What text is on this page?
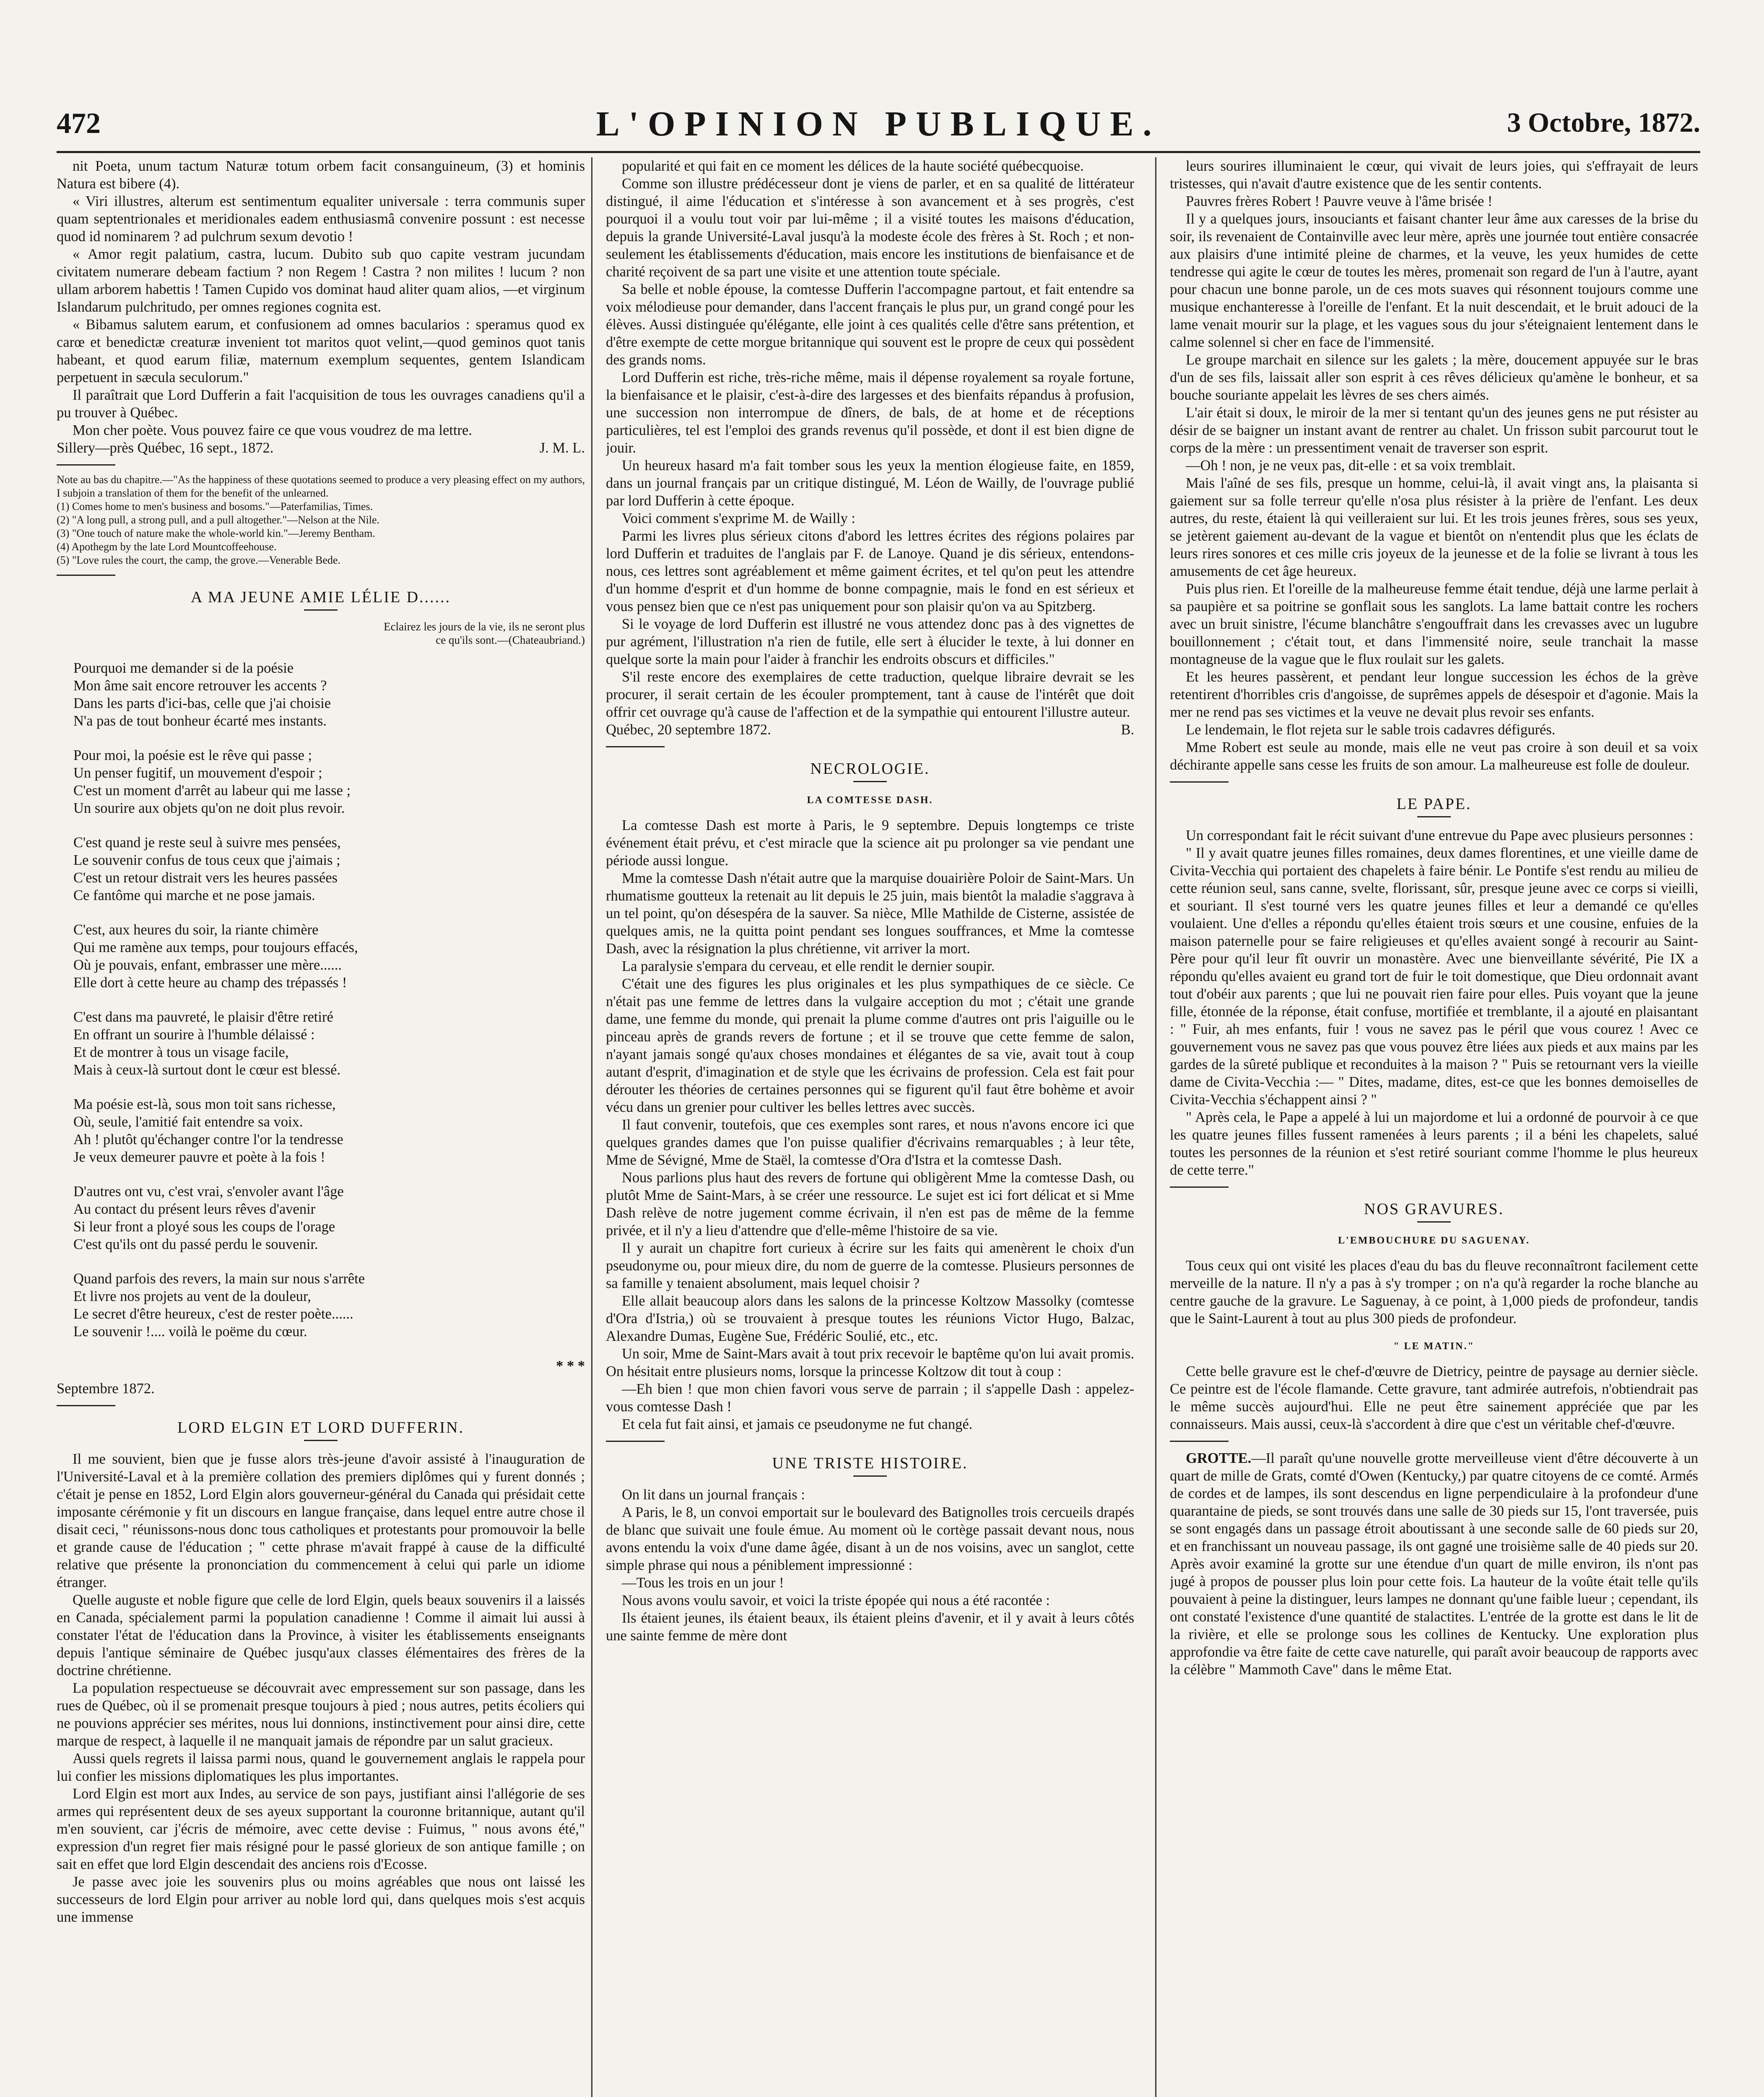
472	L'OPINION PUBLIQUE.	3 Octobre, 1872.

nit Poeta, unum tactum Naturæ totum orbem facit consanguineum, (3) et hominis Natura est bibere (4).

« Viri illustres, alterum est sentimentum equaliter universale : terra communis super quam septentrionales et meridionales eadem enthusiasmâ convenire possunt : est necesse quod id nominarem ? ad pulchrum sexum devotio !

« Amor regit palatium, castra, lucum. Dubito sub quo capite vestram jucundam civitatem numerare debeam factium ? non Regem ! Castra ? non milites ! lucum ? non ullam arborem habettis ! Tamen Cupido vos dominat haud aliter quam alios, —et virginum Islandarum pulchritudo, per omnes regiones cognita est.

« Bibamus salutem earum, et confusionem ad omnes bacularios : speramus quod ex carœ et benedictæ creaturæ invenient tot maritos quot velint,—quod geminos quot tanis habeant, et quod earum filiæ, maternum exemplum sequentes, gentem Islandicam perpetuent in sæcula seculorum."

Il paraîtrait que Lord Dufferin a fait l'acquisition de tous les ouvrages canadiens qu'il a pu trouver à Québec.

Mon cher poète. Vous pouvez faire ce que vous voudrez de ma lettre.

Sillery—près Québec, 16 sept., 1872.	J. M. L.

Note au bas du chapitre.—"As the happiness of these quotations seemed to produce a very pleasing effect on my authors, I subjoin a translation of them for the benefit of the unlearned.

(1) Comes home to men's business and bosoms."—Paterfamilias, Times.

(2) "A long pull, a strong pull, and a pull altogether."—Nelson at the Nile.

(3) "One touch of nature make the whole-world kin."—Jeremy Bentham.

(4) Apothegm by the late Lord Mountcoffeehouse.

(5) "Love rules the court, the camp, the grove.—Venerable Bede.

A MA JEUNE AMIE LÉLIE D......

Eclairez les jours de la vie, ils ne seront plus
ce qu'ils sont.—(Chateaubriand.)
Pourquoi me demander si de la poésie
Mon âme sait encore retrouver les accents ?
Dans les parts d'ici-bas, celle que j'ai choisie
N'a pas de tout bonheur écarté mes instants.
Pour moi, la poésie est le rêve qui passe ;
Un penser fugitif, un mouvement d'espoir ;
C'est un moment d'arrêt au labeur qui me lasse ;
Un sourire aux objets qu'on ne doit plus revoir.
C'est quand je reste seul à suivre mes pensées,
Le souvenir confus de tous ceux que j'aimais ;
C'est un retour distrait vers les heures passées
Ce fantôme qui marche et ne pose jamais.
C'est, aux heures du soir, la riante chimère
Qui me ramène aux temps, pour toujours effacés,
Où je pouvais, enfant, embrasser une mère......
Elle dort à cette heure au champ des trépassés !
C'est dans ma pauvreté, le plaisir d'être retiré
En offrant un sourire à l'humble délaissé :
Et de montrer à tous un visage facile,
Mais à ceux-là surtout dont le cœur est blessé.
Ma poésie est-là, sous mon toit sans richesse,
Où, seule, l'amitié fait entendre sa voix.
Ah ! plutôt qu'échanger contre l'or la tendresse
Je veux demeurer pauvre et poète à la fois !
D'autres ont vu, c'est vrai, s'envoler avant l'âge
Au contact du présent leurs rêves d'avenir
Si leur front a ployé sous les coups de l'orage
C'est qu'ils ont du passé perdu le souvenir.
Quand parfois des revers, la main sur nous s'arrête
Et livre nos projets au vent de la douleur,
Le secret d'être heureux, c'est de rester poète......
Le souvenir !.... voilà le poëme du cœur.
* * *

Septembre 1872.

LORD ELGIN ET LORD DUFFERIN.

Il me souvient, bien que je fusse alors très-jeune d'avoir assisté à l'inauguration de l'Université-Laval et à la première collation des premiers diplômes qui y furent donnés ; c'était je pense en 1852, Lord Elgin alors gouverneur-général du Canada qui présidait cette imposante cérémonie y fit un discours en langue française, dans lequel entre autre chose il disait ceci, " réunissons-nous donc tous catholiques et protestants pour promouvoir la belle et grande cause de l'éducation ; " cette phrase m'avait frappé à cause de la difficulté relative que présente la prononciation du commencement à celui qui parle un idiome étranger.

Quelle auguste et noble figure que celle de lord Elgin, quels beaux souvenirs il a laissés en Canada, spécialement parmi la population canadienne ! Comme il aimait lui aussi à constater l'état de l'éducation dans la Province, à visiter les établissements enseignants depuis l'antique séminaire de Québec jusqu'aux classes élémentaires des frères de la doctrine chrétienne.

La population respectueuse se découvrait avec empressement sur son passage, dans les rues de Québec, où il se promenait presque toujours à pied ; nous autres, petits écoliers qui ne pouvions apprécier ses mérites, nous lui donnions, instinctivement pour ainsi dire, cette marque de respect, à laquelle il ne manquait jamais de répondre par un salut gracieux.

Aussi quels regrets il laissa parmi nous, quand le gouvernement anglais le rappela pour lui confier les missions diplomatiques les plus importantes.

Lord Elgin est mort aux Indes, au service de son pays, justifiant ainsi l'allégorie de ses armes qui représentent deux de ses ayeux supportant la couronne britannique, autant qu'il m'en souvient, car j'écris de mémoire, avec cette devise : Fuimus, " nous avons été," expression d'un regret fier mais résigné pour le passé glorieux de son antique famille ; on sait en effet que lord Elgin descendait des anciens rois d'Ecosse.

Je passe avec joie les souvenirs plus ou moins agréables que nous ont laissé les successeurs de lord Elgin pour arriver au noble lord qui, dans quelques mois s'est acquis une immense

popularité et qui fait en ce moment les délices de la haute société québecquoise.

Comme son illustre prédécesseur dont je viens de parler, et en sa qualité de littérateur distingué, il aime l'éducation et s'intéresse à son avancement et à ses progrès, c'est pourquoi il a voulu tout voir par lui-même ; il a visité toutes les maisons d'éducation, depuis la grande Université-Laval jusqu'à la modeste école des frères à St. Roch ; et non-seulement les établissements d'éducation, mais encore les institutions de bienfaisance et de charité reçoivent de sa part une visite et une attention toute spéciale.

Sa belle et noble épouse, la comtesse Dufferin l'accompagne partout, et fait entendre sa voix mélodieuse pour demander, dans l'accent français le plus pur, un grand congé pour les élèves. Aussi distinguée qu'élégante, elle joint à ces qualités celle d'être sans prétention, et d'être exempte de cette morgue britannique qui souvent est le propre de ceux qui possèdent des grands noms.

Lord Dufferin est riche, très-riche même, mais il dépense royalement sa royale fortune, la bienfaisance et le plaisir, c'est-à-dire des largesses et des bienfaits répandus à profusion, une succession non interrompue de dîners, de bals, de at home et de réceptions particulières, tel est l'emploi des grands revenus qu'il possède, et dont il est bien digne de jouir.

Un heureux hasard m'a fait tomber sous les yeux la mention élogieuse faite, en 1859, dans un journal français par un critique distingué, M. Léon de Wailly, de l'ouvrage publié par lord Dufferin à cette époque.

Voici comment s'exprime M. de Wailly :

Parmi les livres plus sérieux citons d'abord les lettres écrites des régions polaires par lord Dufferin et traduites de l'anglais par F. de Lanoye. Quand je dis sérieux, entendons-nous, ces lettres sont agréablement et même gaiment écrites, et tel qu'on peut les attendre d'un homme d'esprit et d'un homme de bonne compagnie, mais le fond en est sérieux et vous pensez bien que ce n'est pas uniquement pour son plaisir qu'on va au Spitzberg.

Si le voyage de lord Dufferin est illustré ne vous attendez donc pas à des vignettes de pur agrément, l'illustration n'a rien de futile, elle sert à élucider le texte, à lui donner en quelque sorte la main pour l'aider à franchir les endroits obscurs et difficiles."

S'il reste encore des exemplaires de cette traduction, quelque libraire devrait se les procurer, il serait certain de les écouler promptement, tant à cause de l'intérêt que doit offrir cet ouvrage qu'à cause de l'affection et de la sympathie qui entourent l'illustre auteur.

Québec, 20 septembre 1872.	B.

NECROLOGIE.

LA COMTESSE DASH.

La comtesse Dash est morte à Paris, le 9 septembre. Depuis longtemps ce triste événement était prévu, et c'est miracle que la science ait pu prolonger sa vie pendant une période aussi longue.

Mme la comtesse Dash n'était autre que la marquise douairière Poloir de Saint-Mars. Un rhumatisme goutteux la retenait au lit depuis le 25 juin, mais bientôt la maladie s'aggrava à un tel point, qu'on désespéra de la sauver. Sa nièce, Mlle Mathilde de Cisterne, assistée de quelques amis, ne la quitta point pendant ses longues souffrances, et Mme la comtesse Dash, avec la résignation la plus chrétienne, vit arriver la mort.

La paralysie s'empara du cerveau, et elle rendit le dernier soupir.

C'était une des figures les plus originales et les plus sympathiques de ce siècle. Ce n'était pas une femme de lettres dans la vulgaire acception du mot ; c'était une grande dame, une femme du monde, qui prenait la plume comme d'autres ont pris l'aiguille ou le pinceau après de grands revers de fortune ; et il se trouve que cette femme de salon, n'ayant jamais songé qu'aux choses mondaines et élégantes de sa vie, avait tout à coup autant d'esprit, d'imagination et de style que les écrivains de profession. Cela est fait pour dérouter les théories de certaines personnes qui se figurent qu'il faut être bohème et avoir vécu dans un grenier pour cultiver les belles lettres avec succès.

Il faut convenir, toutefois, que ces exemples sont rares, et nous n'avons encore ici que quelques grandes dames que l'on puisse qualifier d'écrivains remarquables ; à leur tête, Mme de Sévigné, Mme de Staël, la comtesse d'Ora d'Istra et la comtesse Dash.

Nous parlions plus haut des revers de fortune qui obligèrent Mme la comtesse Dash, ou plutôt Mme de Saint-Mars, à se créer une ressource. Le sujet est ici fort délicat et si Mme Dash relève de notre jugement comme écrivain, il n'en est pas de même de la femme privée, et il n'y a lieu d'attendre que d'elle-même l'histoire de sa vie.

Il y aurait un chapitre fort curieux à écrire sur les faits qui amenèrent le choix d'un pseudonyme ou, pour mieux dire, du nom de guerre de la comtesse. Plusieurs personnes de sa famille y tenaient absolument, mais lequel choisir ?

Elle allait beaucoup alors dans les salons de la princesse Koltzow Massolky (comtesse d'Ora d'Istria,) où se trouvaient à presque toutes les réunions Victor Hugo, Balzac, Alexandre Dumas, Eugène Sue, Frédéric Soulié, etc., etc.

Un soir, Mme de Saint-Mars avait à tout prix recevoir le baptême qu'on lui avait promis. On hésitait entre plusieurs noms, lorsque la princesse Koltzow dit tout à coup :

—Eh bien ! que mon chien favori vous serve de parrain ; il s'appelle Dash : appelez-vous comtesse Dash !

Et cela fut fait ainsi, et jamais ce pseudonyme ne fut changé.

UNE TRISTE HISTOIRE.

On lit dans un journal français :

A Paris, le 8, un convoi emportait sur le boulevard des Batignolles trois cercueils drapés de blanc que suivait une foule émue. Au moment où le cortège passait devant nous, nous avons entendu la voix d'une dame âgée, disant à un de nos voisins, avec un sanglot, cette simple phrase qui nous a péniblement impressionné :

—Tous les trois en un jour !

Nous avons voulu savoir, et voici la triste épopée qui nous a été racontée :

Ils étaient jeunes, ils étaient beaux, ils étaient pleins d'avenir, et il y avait à leurs côtés une sainte femme de mère dont

leurs sourires illuminaient le cœur, qui vivait de leurs joies, qui s'effrayait de leurs tristesses, qui n'avait d'autre existence que de les sentir contents.

Pauvres frères Robert ! Pauvre veuve à l'âme brisée !

Il y a quelques jours, insouciants et faisant chanter leur âme aux caresses de la brise du soir, ils revenaient de Containville avec leur mère, après une journée tout entière consacrée aux plaisirs d'une intimité pleine de charmes, et la veuve, les yeux humides de cette tendresse qui agite le cœur de toutes les mères, promenait son regard de l'un à l'autre, ayant pour chacun une bonne parole, un de ces mots suaves qui résonnent toujours comme une musique enchanteresse à l'oreille de l'enfant. Et la nuit descendait, et le bruit adouci de la lame venait mourir sur la plage, et les vagues sous du jour s'éteignaient lentement dans le calme solennel si cher en face de l'immensité.

Le groupe marchait en silence sur les galets ; la mère, doucement appuyée sur le bras d'un de ses fils, laissait aller son esprit à ces rêves délicieux qu'amène le bonheur, et sa bouche souriante appelait les lèvres de ses chers aimés.

L'air était si doux, le miroir de la mer si tentant qu'un des jeunes gens ne put résister au désir de se baigner un instant avant de rentrer au chalet. Un frisson subit parcourut tout le corps de la mère : un pressentiment venait de traverser son esprit.

—Oh ! non, je ne veux pas, dit-elle : et sa voix tremblait.

Mais l'aîné de ses fils, presque un homme, celui-là, il avait vingt ans, la plaisanta si gaiement sur sa folle terreur qu'elle n'osa plus résister à la prière de l'enfant. Les deux autres, du reste, étaient là qui veilleraient sur lui. Et les trois jeunes frères, sous ses yeux, se jetèrent gaiement au-devant de la vague et bientôt on n'entendit plus que les éclats de leurs rires sonores et ces mille cris joyeux de la jeunesse et de la folie se livrant à tous les amusements de cet âge heureux.

Puis plus rien. Et l'oreille de la malheureuse femme était tendue, déjà une larme perlait à sa paupière et sa poitrine se gonflait sous les sanglots. La lame battait contre les rochers avec un bruit sinistre, l'écume blanchâtre s'engouffrait dans les crevasses avec un lugubre bouillonnement ; c'était tout, et dans l'immensité noire, seule tranchait la masse montagneuse de la vague que le flux roulait sur les galets.

Et les heures passèrent, et pendant leur longue succession les échos de la grève retentirent d'horribles cris d'angoisse, de suprêmes appels de désespoir et d'agonie. Mais la mer ne rend pas ses victimes et la veuve ne devait plus revoir ses enfants.

Le lendemain, le flot rejeta sur le sable trois cadavres défigurés.

Mme Robert est seule au monde, mais elle ne veut pas croire à son deuil et sa voix déchirante appelle sans cesse les fruits de son amour. La malheureuse est folle de douleur.

LE PAPE.

Un correspondant fait le récit suivant d'une entrevue du Pape avec plusieurs personnes :

" Il y avait quatre jeunes filles romaines, deux dames florentines, et une vieille dame de Civita-Vecchia qui portaient des chapelets à faire bénir. Le Pontife s'est rendu au milieu de cette réunion seul, sans canne, svelte, florissant, sûr, presque jeune avec ce corps si vieilli, et souriant. Il s'est tourné vers les quatre jeunes filles et leur a demandé ce qu'elles voulaient. Une d'elles a répondu qu'elles étaient trois sœurs et une cousine, enfuies de la maison paternelle pour se faire religieuses et qu'elles avaient songé à recourir au Saint-Père pour qu'il leur fît ouvrir un monastère. Avec une bienveillante sévérité, Pie IX a répondu qu'elles avaient eu grand tort de fuir le toit domestique, que Dieu ordonnait avant tout d'obéir aux parents ; que lui ne pouvait rien faire pour elles. Puis voyant que la jeune fille, étonnée de la réponse, était confuse, mortifiée et tremblante, il a ajouté en plaisantant : " Fuir, ah mes enfants, fuir ! vous ne savez pas le péril que vous courez ! Avec ce gouvernement vous ne savez pas que vous pouvez être liées aux pieds et aux mains par les gardes de la sûreté publique et reconduites à la maison ? " Puis se retournant vers la vieille dame de Civita-Vecchia :— " Dites, madame, dites, est-ce que les bonnes demoiselles de Civita-Vecchia s'échappent ainsi ? "

" Après cela, le Pape a appelé à lui un majordome et lui a ordonné de pourvoir à ce que les quatre jeunes filles fussent ramenées à leurs parents ; il a béni les chapelets, salué toutes les personnes de la réunion et s'est retiré souriant comme l'homme le plus heureux de cette terre."

NOS GRAVURES.

L'EMBOUCHURE DU SAGUENAY.

Tous ceux qui ont visité les places d'eau du bas du fleuve reconnaîtront facilement cette merveille de la nature. Il n'y a pas à s'y tromper ; on n'a qu'à regarder la roche blanche au centre gauche de la gravure. Le Saguenay, à ce point, à 1,000 pieds de profondeur, tandis que le Saint-Laurent à tout au plus 300 pieds de profondeur.

" LE MATIN."

Cette belle gravure est le chef-d'œuvre de Dietricy, peintre de paysage au dernier siècle. Ce peintre est de l'école flamande. Cette gravure, tant admirée autrefois, n'obtiendrait pas le même succès aujourd'hui. Elle ne peut être sainement appréciée que par les connaisseurs. Mais aussi, ceux-là s'accordent à dire que c'est un véritable chef-d'œuvre.

GROTTE.—Il paraît qu'une nouvelle grotte merveilleuse vient d'être découverte à un quart de mille de Grats, comté d'Owen (Kentucky,) par quatre citoyens de ce comté. Armés de cordes et de lampes, ils sont descendus en ligne perpendiculaire à la profondeur d'une quarantaine de pieds, se sont trouvés dans une salle de 30 pieds sur 15, l'ont traversée, puis se sont engagés dans un passage étroit aboutissant à une seconde salle de 60 pieds sur 20, et en franchissant un nouveau passage, ils ont gagné une troisième salle de 40 pieds sur 20. Après avoir examiné la grotte sur une étendue d'un quart de mille environ, ils n'ont pas jugé à propos de pousser plus loin pour cette fois. La hauteur de la voûte était telle qu'ils pouvaient à peine la distinguer, leurs lampes ne donnant qu'une faible lueur ; cependant, ils ont constaté l'existence d'une quantité de stalactites. L'entrée de la grotte est dans le lit de la rivière, et elle se prolonge sous les collines de Kentucky. Une exploration plus approfondie va être faite de cette cave naturelle, qui paraît avoir beaucoup de rapports avec la célèbre " Mammoth Cave" dans le même Etat.
